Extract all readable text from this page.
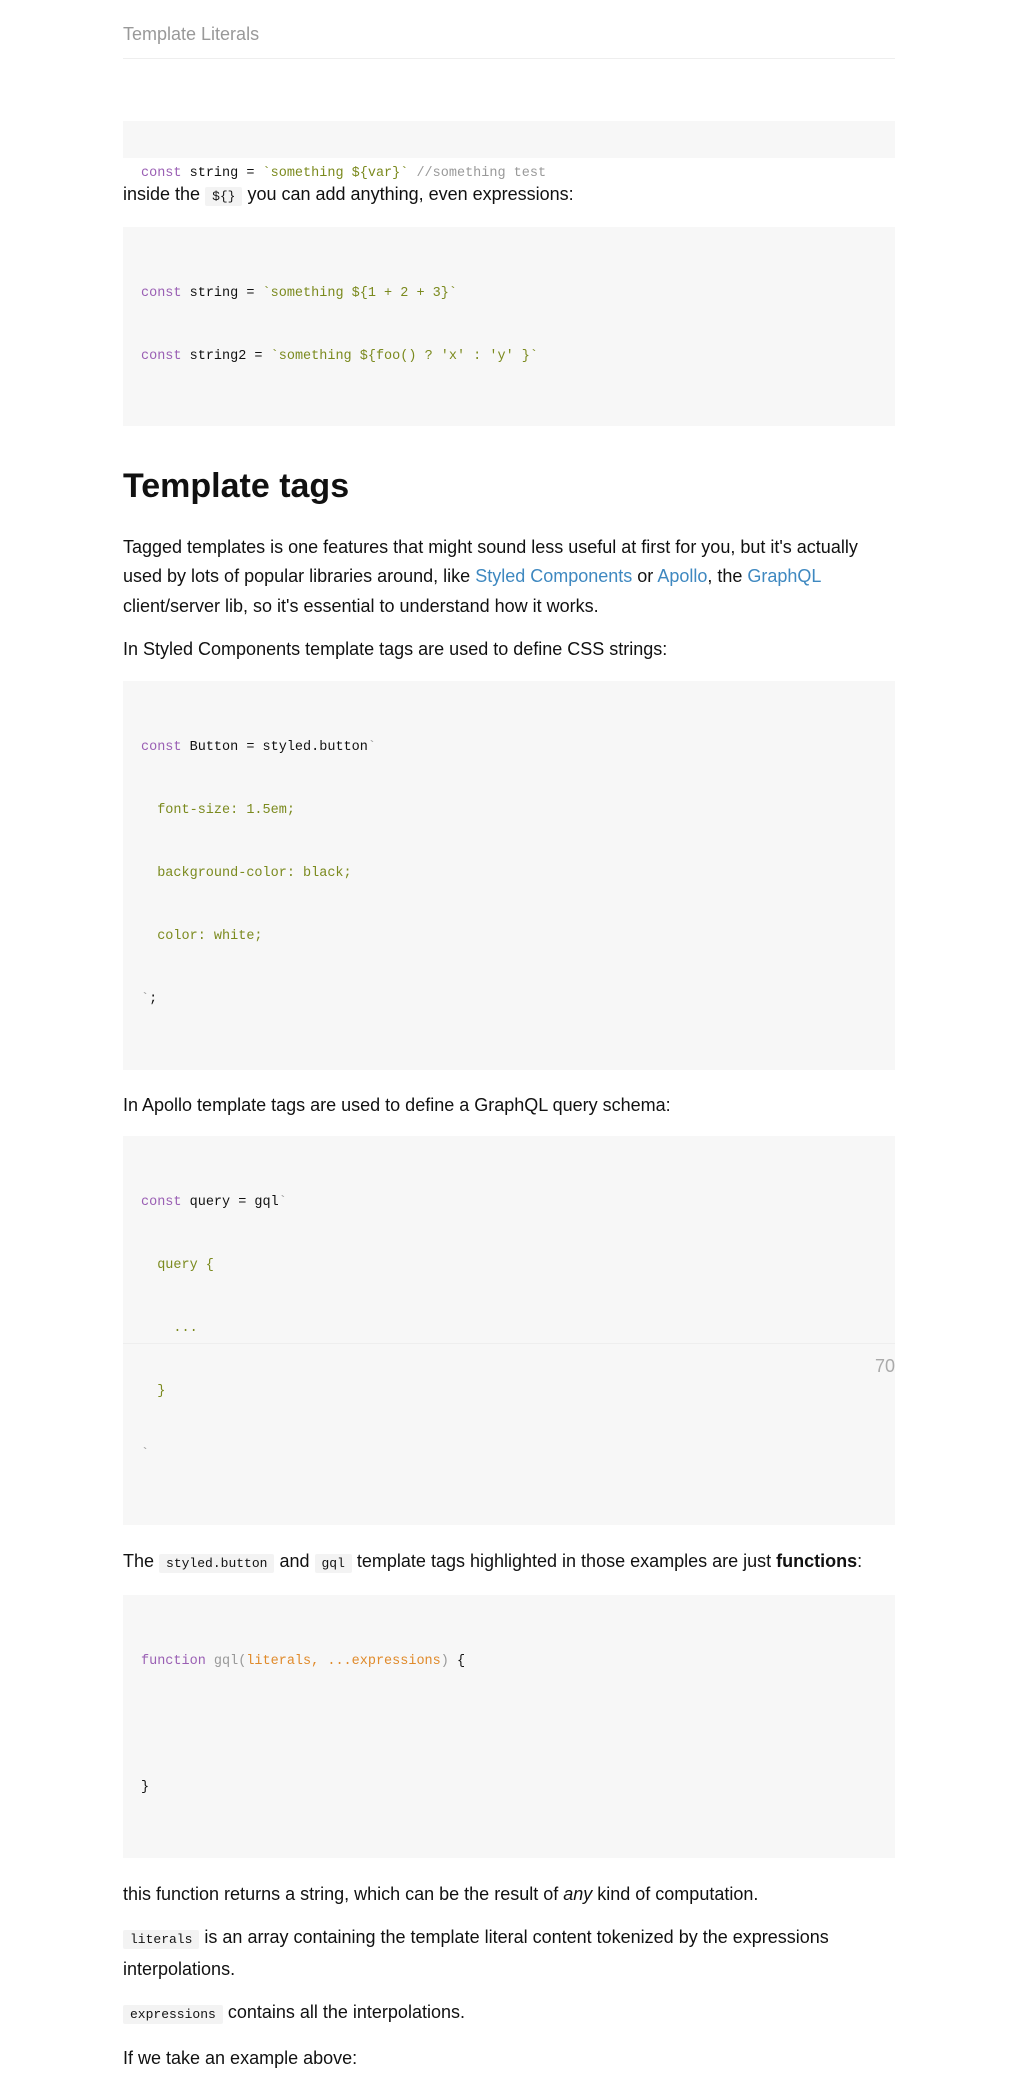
Template Literals

const string = `something ${var}` //something test

inside the ${} you can add anything, even expressions:

const string = `something ${1 + 2 + 3}`

const string2 = `something ${foo() ? 'x' : 'y' }`

Template tags

Tagged templates is one features that might sound less useful at first for you, but it's actually used by lots of popular libraries around, like Styled Components or Apollo, the GraphQL client/server lib, so it's essential to understand how it works.

In Styled Components template tags are used to define CSS strings:

const Button = styled.button`

font-size: 1.5em;

background-color: black;

color: white;

`;

In Apollo template tags are used to define a GraphQL query schema:

const query = gql`

query {

...

}

`

The styled.button and gql template tags highlighted in those examples are just functions:

function gql(literals, ...expressions) {

}

this function returns a string, which can be the result of any kind of computation.

literals is an array containing the template literal content tokenized by the expressions interpolations.

expressions contains all the interpolations.

If we take an example above:

70
